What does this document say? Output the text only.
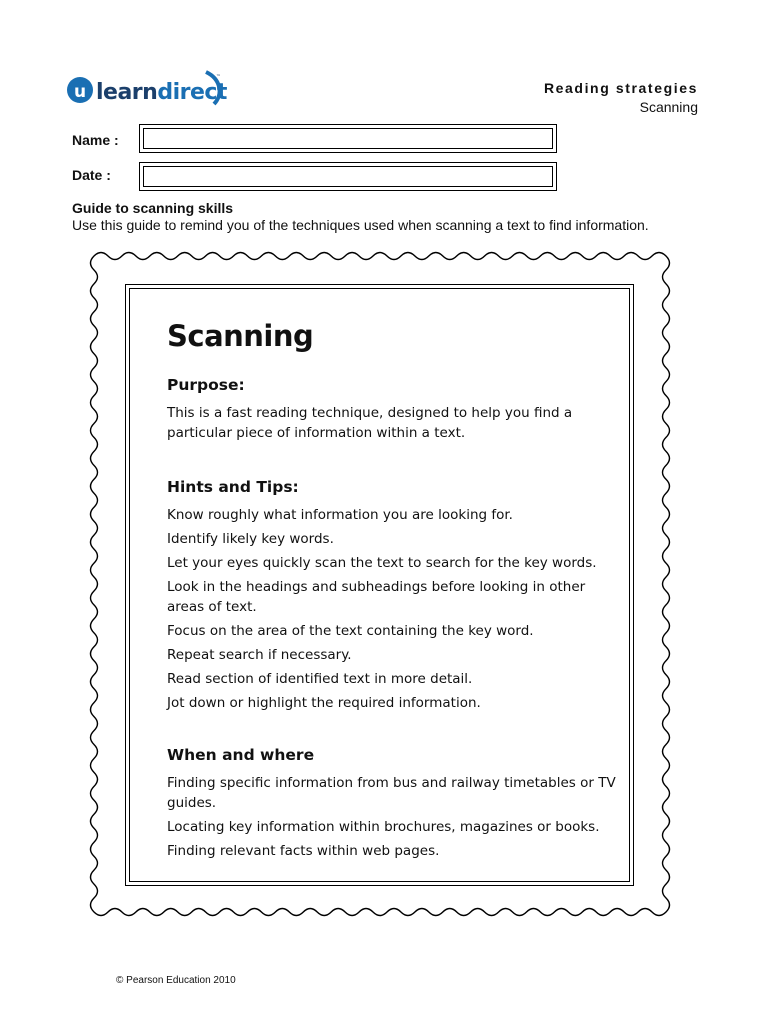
u learndirect
™
Reading strategies
Scanning
Name :
Date :
Guide to scanning skills
Use this guide to remind you of the techniques used when scanning a text to find information.
Scanning
Purpose:

This is a fast reading technique, designed to help you find a particular piece of information within a text.

Hints and Tips:

Know roughly what information you are looking for.

Identify likely key words.

Let your eyes quickly scan the text to search for the key words.

Look in the headings and subheadings before looking in other areas of text.

Focus on the area of the text containing the key word.

Repeat search if necessary.

Read section of identified text in more detail.

Jot down or highlight the required information.

When and where

Finding specific information from bus and railway timetables or TV guides.

Locating key information within brochures, magazines or books.

Finding relevant facts within web pages.

© Pearson Education 2010
